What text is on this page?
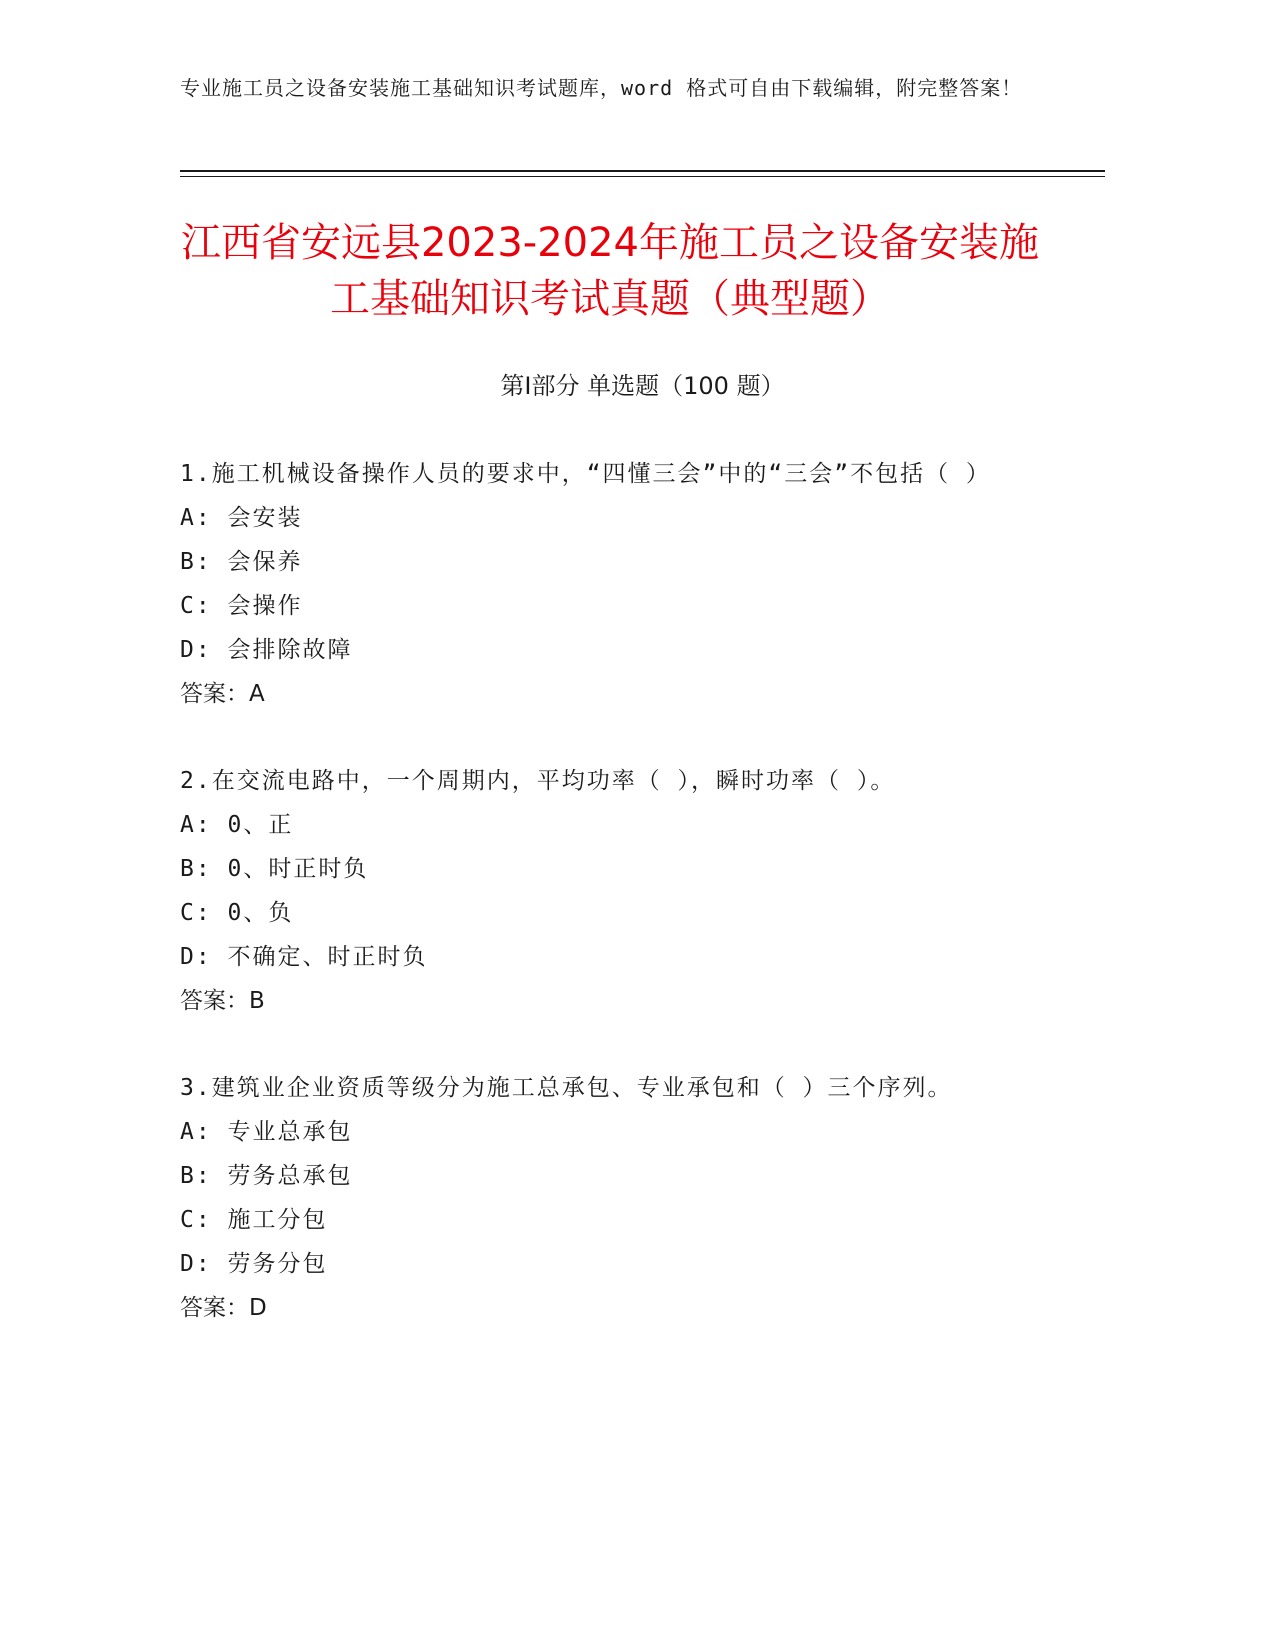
专业施工员之设备安装施工基础知识考试题库，word 格式可自由下载编辑，附完整答案！
江西省安远县2023-2024年施工员之设备安装施工基础知识考试真题（典型题）
第Ⅰ部分 单选题（100 题）
1.施工机械设备操作人员的要求中，“四懂三会”中的“三会”不包括（ ）
A: 会安装
B: 会保养
C: 会操作
D: 会排除故障
答案：A
2.在交流电路中，一个周期内，平均功率（ ），瞬时功率（ ）。
A: 0、正
B: 0、时正时负
C: 0、负
D: 不确定、时正时负
答案：B
3.建筑业企业资质等级分为施工总承包、专业承包和（ ）三个序列。
A: 专业总承包
B: 劳务总承包
C: 施工分包
D: 劳务分包
答案：D
